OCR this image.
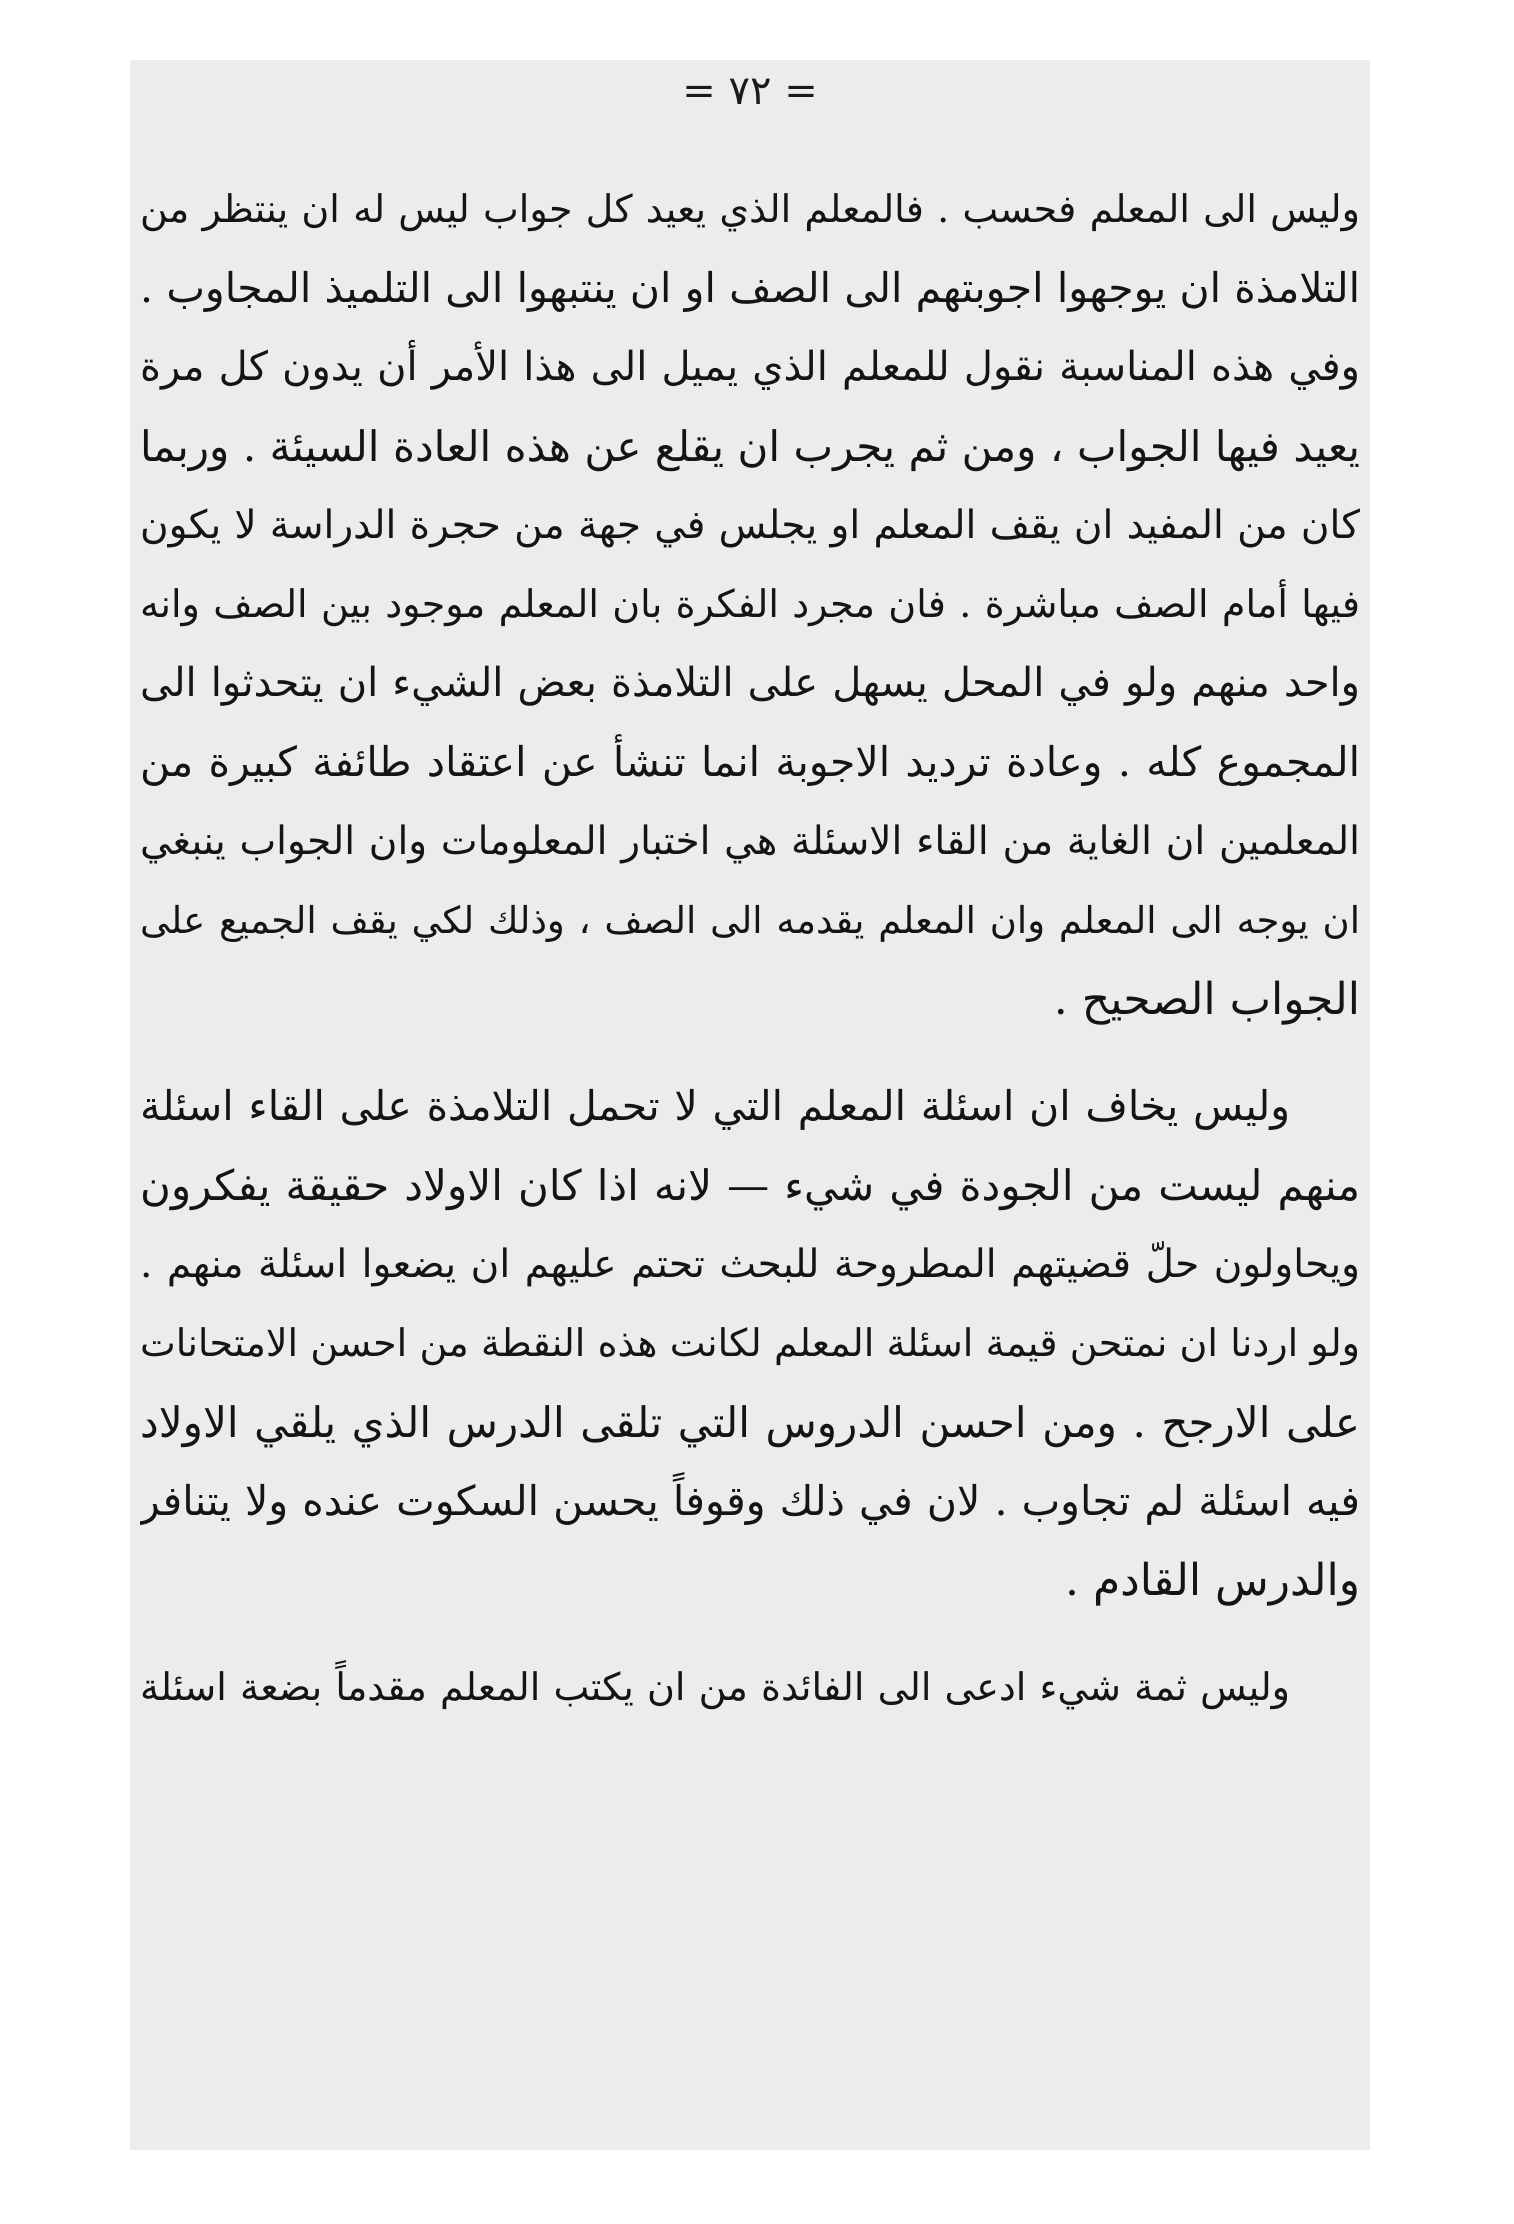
= ٧٢ =
وليس الى المعلم فحسب . فالمعلم الذي يعيد كل جواب ليس له ان ينتظر من
التلامذة ان يوجهوا اجوبتهم الى الصف او ان ينتبهوا الى التلميذ المجاوب .
وفي هذه المناسبة نقول للمعلم الذي يميل الى هذا الأمر أن يدون كل مرة
يعيد فيها الجواب ، ومن ثم يجرب ان يقلع عن هذه العادة السيئة . وربما
كان من المفيد ان يقف المعلم او يجلس في جهة من حجرة الدراسة لا يكون
فيها أمام الصف مباشرة . فان مجرد الفكرة بان المعلم موجود بين الصف وانه
واحد منهم ولو في المحل يسهل على التلامذة بعض الشيء ان يتحدثوا الى
المجموع كله . وعادة ترديد الاجوبة انما تنشأ عن اعتقاد طائفة كبيرة من
المعلمين ان الغاية من القاء الاسئلة هي اختبار المعلومات وان الجواب ينبغي
ان يوجه الى المعلم وان المعلم يقدمه الى الصف ، وذلك لكي يقف الجميع على
الجواب الصحيح .
وليس يخاف ان اسئلة المعلم التي لا تحمل التلامذة على القاء اسئلة
منهم ليست من الجودة في شيء — لانه اذا كان الاولاد حقيقة يفكرون
ويحاولون حلّ قضيتهم المطروحة للبحث تحتم عليهم ان يضعوا اسئلة منهم .
ولو اردنا ان نمتحن قيمة اسئلة المعلم لكانت هذه النقطة من احسن الامتحانات
على الارجح . ومن احسن الدروس التي تلقى الدرس الذي يلقي الاولاد
فيه اسئلة لم تجاوب . لان في ذلك وقوفاً يحسن السكوت عنده ولا يتنافر
والدرس القادم .
وليس ثمة شيء ادعى الى الفائدة من ان يكتب المعلم مقدماً بضعة اسئلة
